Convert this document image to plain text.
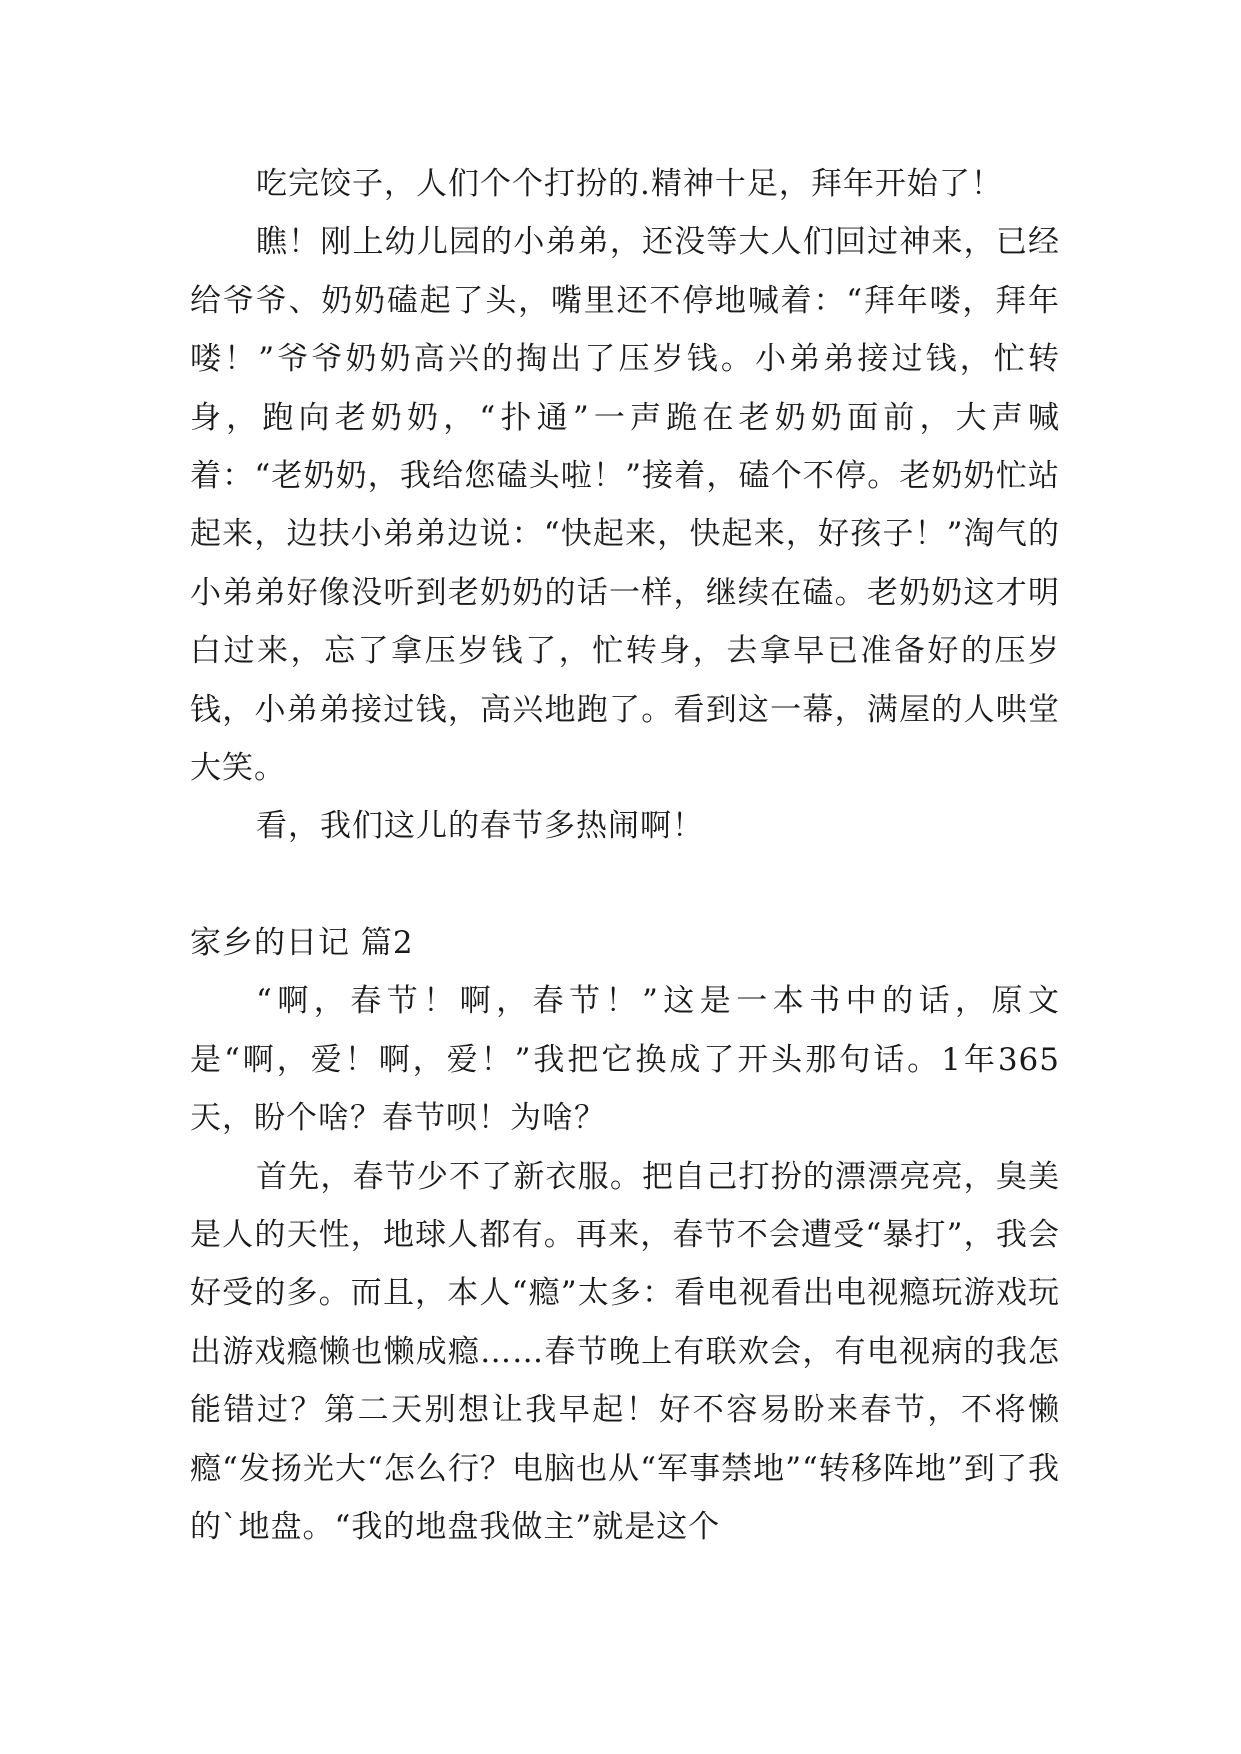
吃完饺子，人们个个打扮的.精神十足，拜年开始了！

瞧！刚上幼儿园的小弟弟，还没等大人们回过神来，已经给爷爷、奶奶磕起了头，嘴里还不停地喊着：“拜年喽，拜年喽！”爷爷奶奶高兴的掏出了压岁钱。小弟弟接过钱，忙转身，跑向老奶奶，“扑通”一声跪在老奶奶面前，大声喊着：“老奶奶，我给您磕头啦！”接着，磕个不停。老奶奶忙站起来，边扶小弟弟边说：“快起来，快起来，好孩子！”淘气的小弟弟好像没听到老奶奶的话一样，继续在磕。老奶奶这才明白过来，忘了拿压岁钱了，忙转身，去拿早已准备好的压岁钱，小弟弟接过钱，高兴地跑了。看到这一幕，满屋的人哄堂大笑。

看，我们这儿的春节多热闹啊！

家乡的日记 篇2

“啊，春节！啊，春节！”这是一本书中的话，原文是“啊，爱！啊，爱！”我把它换成了开头那句话。1年365天，盼个啥？春节呗！为啥？

首先，春节少不了新衣服。把自己打扮的漂漂亮亮，臭美是人的天性，地球人都有。再来，春节不会遭受“暴打”，我会好受的多。而且，本人“瘾”太多：看电视看出电视瘾玩游戏玩出游戏瘾懒也懒成瘾……春节晚上有联欢会，有电视病的我怎能错过？第二天别想让我早起！好不容易盼来春节，不将懒瘾“发扬光大“怎么行？电脑也从“军事禁地”“转移阵地”到了我的`地盘。“我的地盘我做主”就是这个
